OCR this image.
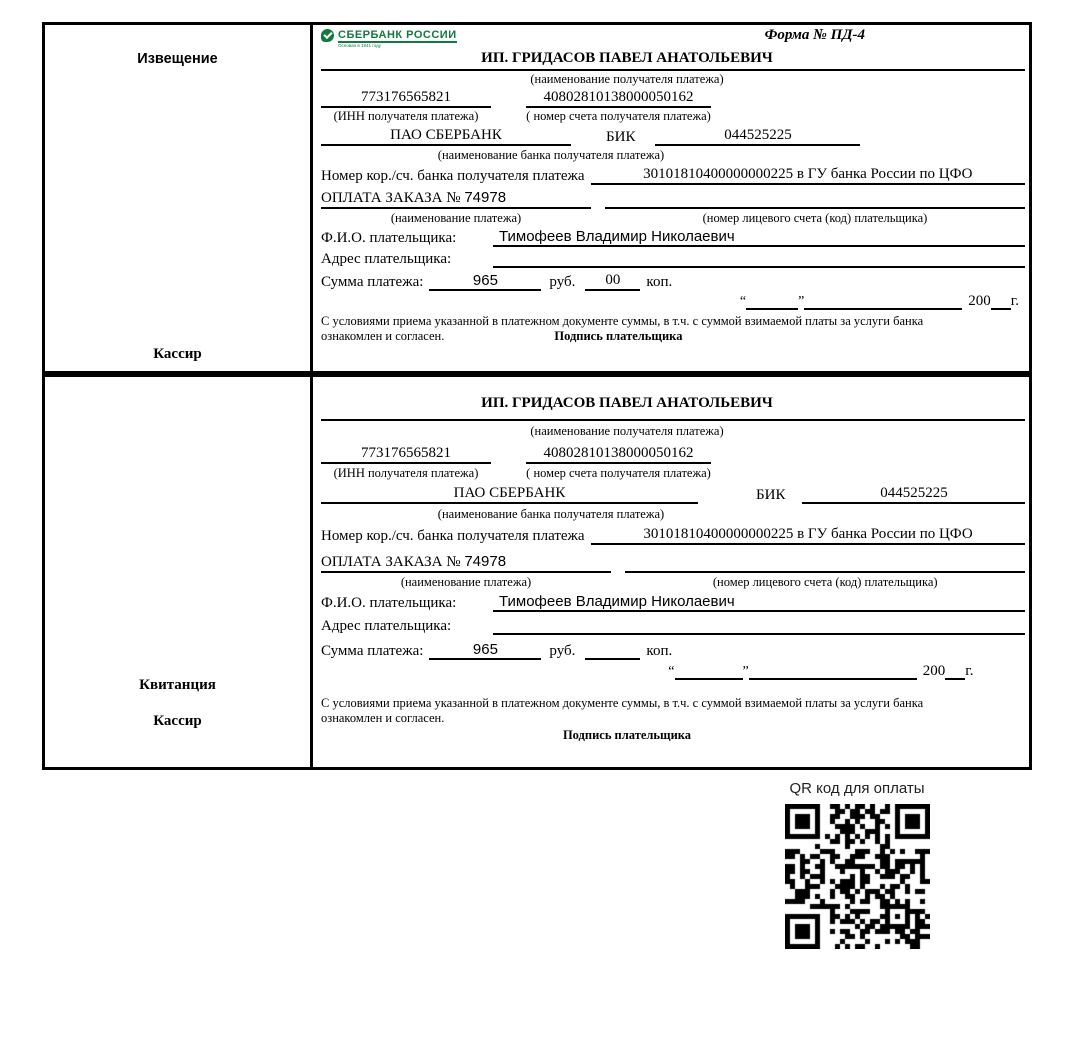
Извещение
Кассир
СБЕРБАНК РОССИИ
Основан в 1841 году
Форма № ПД-4
ИП. ГРИДАСОВ ПАВЕЛ АНАТОЛЬЕВИЧ
(наименование получателя платежа)
773176565821	40802810138000050162
(ИНН получателя платежа)	( номер счета получателя платежа)
ПАО СБЕРБАНК	БИК	044525225
(наименование банка получателя платежа)
Номер кор./сч. банка получателя платежа	30101810400000000225 в ГУ банка России по ЦФО
ОПЛАТА ЗАКАЗА № 74978
(наименование платежа)	(номер лицевого счета (код) плательщика)
Ф.И.О. плательщика:	Тимофеев Владимир Николаевич
Адрес плательщика:
Сумма платежа:	965	руб.	00	коп.
“	”	200 г.
С условиями приема указанной в платежном документе суммы, в т.ч. с суммой взимаемой платы за услуги банка
ознакомлен и согласен.	Подпись плательщика
Квитанция
Кассир
ИП. ГРИДАСОВ ПАВЕЛ АНАТОЛЬЕВИЧ
(наименование получателя платежа)
773176565821	40802810138000050162
(ИНН получателя платежа)	( номер счета получателя платежа)
ПАО СБЕРБАНК	БИК	044525225
(наименование банка получателя платежа)
Номер кор./сч. банка получателя платежа	30101810400000000225 в ГУ банка России по ЦФО
ОПЛАТА ЗАКАЗА № 74978
(наименование платежа)	(номер лицевого счета (код) плательщика)
Ф.И.О. плательщика:	Тимофеев Владимир Николаевич
Адрес плательщика:
Сумма платежа:	965	руб.	коп.
“	”	200 г.
С условиями приема указанной в платежном документе суммы, в т.ч. с суммой взимаемой платы за услуги банка
ознакомлен и согласен.
Подпись плательщика
QR код для оплаты
